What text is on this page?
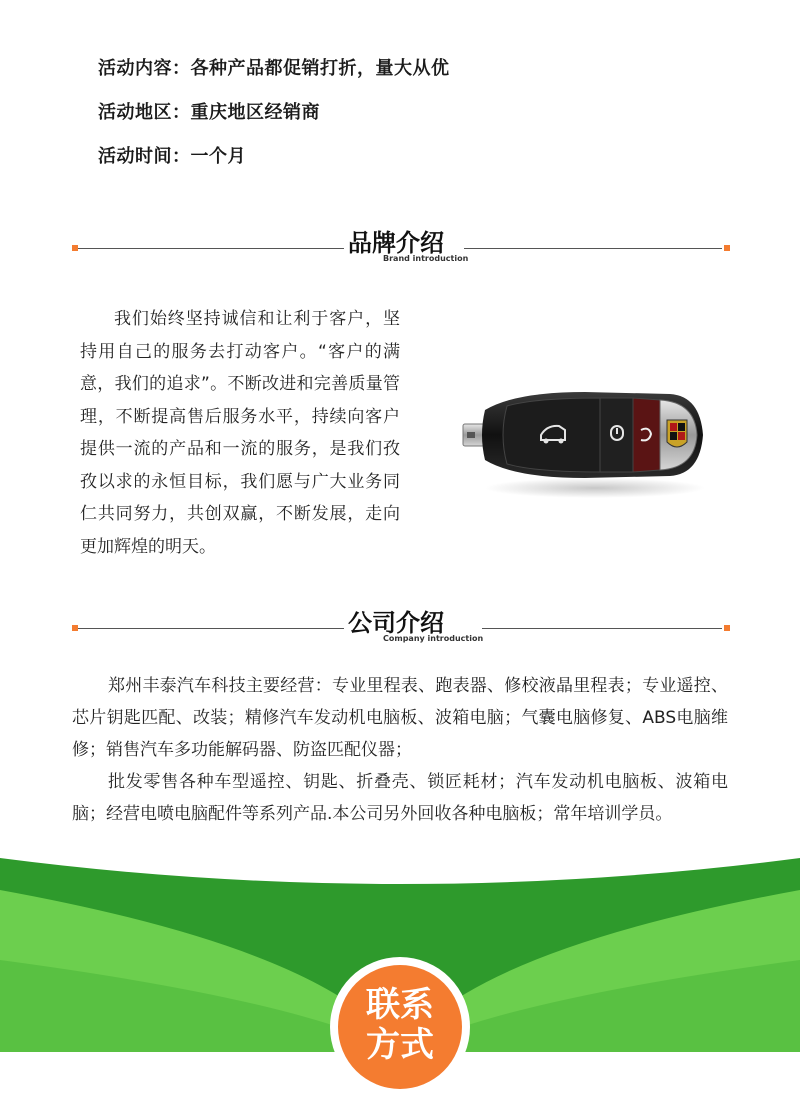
活动内容：各种产品都促销打折，量大从优
活动地区：重庆地区经销商
活动时间：一个月
品牌介绍
Brand introduction
我们始终坚持诚信和让利于客户，坚持用自己的服务去打动客户。“客户的满意，我们的追求”。不断改进和完善质量管理，不断提高售后服务水平，持续向客户提供一流的产品和一流的服务，是我们孜孜以求的永恒目标，我们愿与广大业务同仁共同努力，共创双赢，不断发展，走向更加辉煌的明天。
公司介绍
Company introduction

郑州丰泰汽车科技主要经营：专业里程表、跑表器、修校液晶里程表；专业遥控、芯片钥匙匹配、改装；精修汽车发动机电脑板、波箱电脑；气囊电脑修复、ABS电脑维修；销售汽车多功能解码器、防盗匹配仪器；

批发零售各种车型遥控、钥匙、折叠壳、锁匠耗材；汽车发动机电脑板、波箱电脑；经营电喷电脑配件等系列产品.本公司另外回收各种电脑板；常年培训学员。

联系
方式
